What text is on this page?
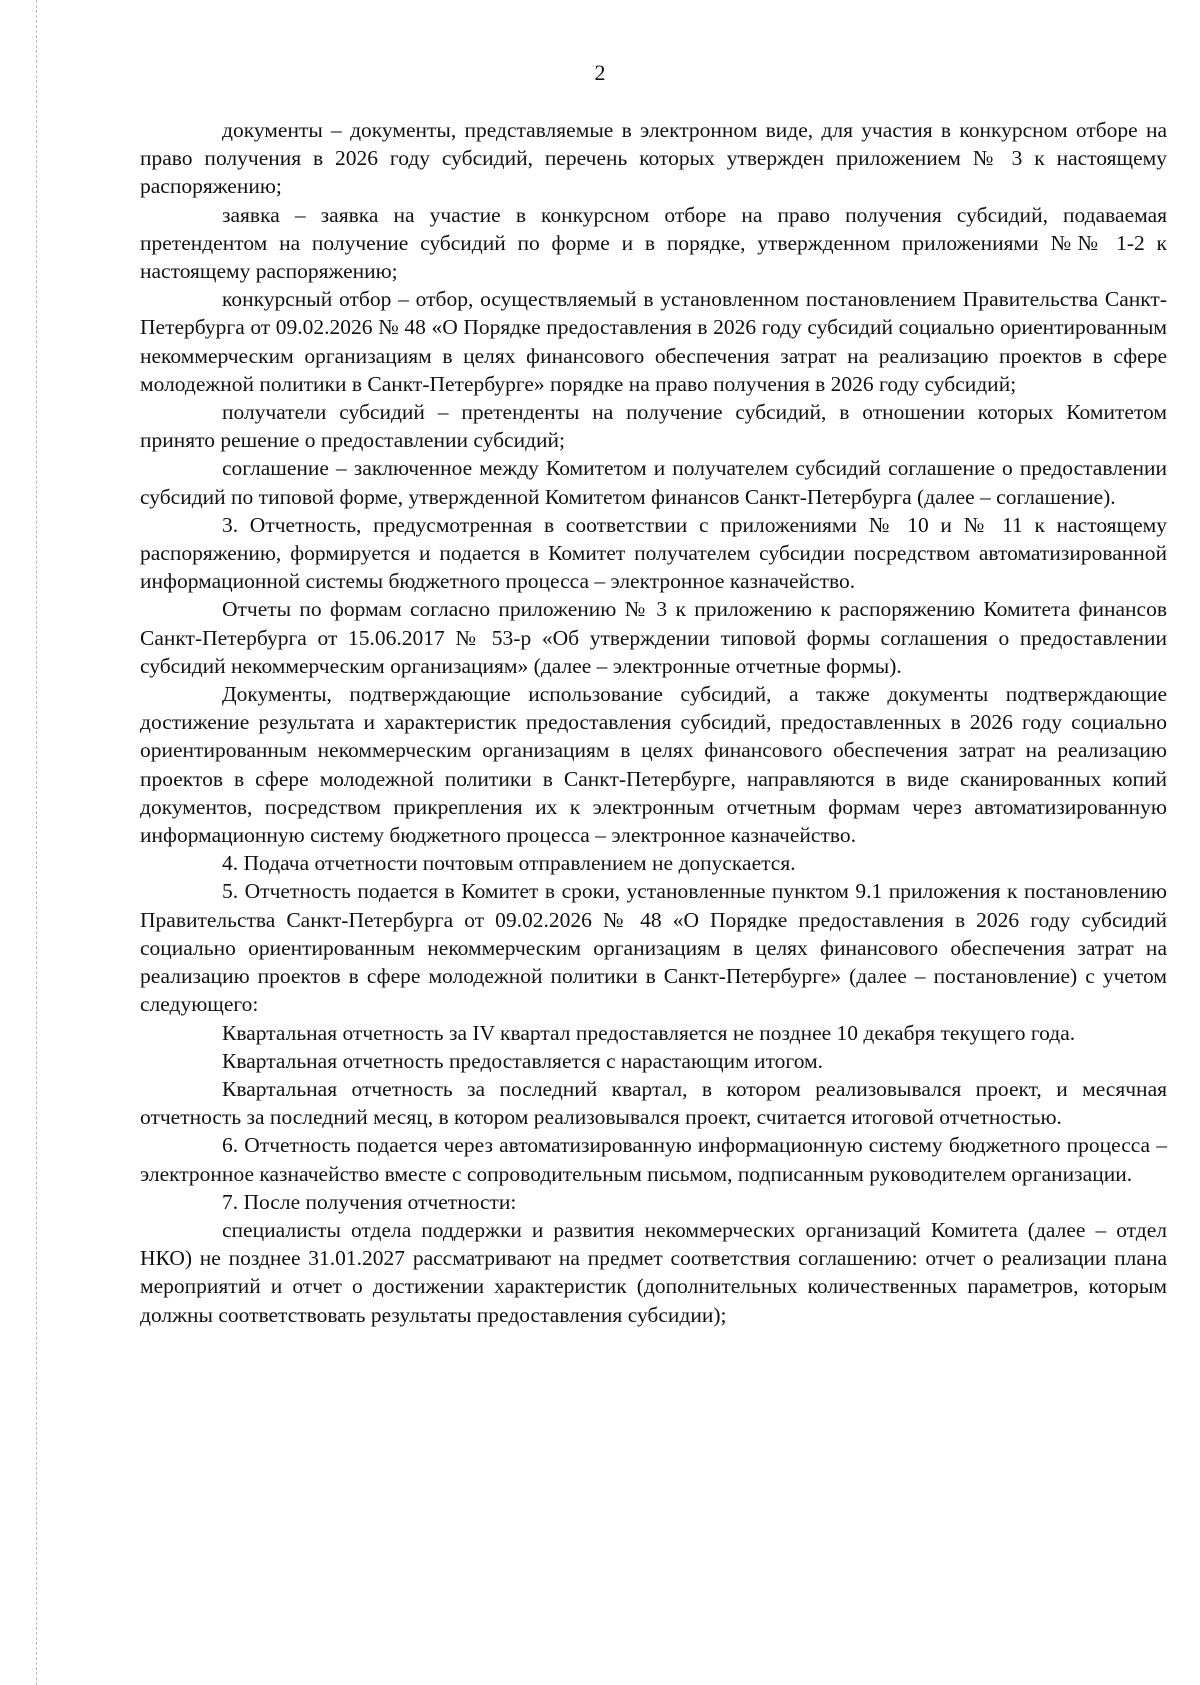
2

документы – документы, представляемые в электронном виде, для участия в конкурсном отборе на право получения в 2026 году субсидий, перечень которых утвержден приложением № 3 к настоящему распоряжению;

заявка – заявка на участие в конкурсном отборе на право получения субсидий, подаваемая претендентом на получение субсидий по форме и в порядке, утвержденном приложениями №№ 1-2 к настоящему распоряжению;

конкурсный отбор – отбор, осуществляемый в установленном постановлением Правительства Санкт-Петербурга от 09.02.2026 № 48 «О Порядке предоставления в 2026 году субсидий социально ориентированным некоммерческим организациям в целях финансового обеспечения затрат на реализацию проектов в сфере молодежной политики в Санкт-Петербурге» порядке на право получения в 2026 году субсидий;

получатели субсидий – претенденты на получение субсидий, в отношении которых Комитетом принято решение о предоставлении субсидий;

соглашение – заключенное между Комитетом и получателем субсидий соглашение о предоставлении субсидий по типовой форме, утвержденной Комитетом финансов Санкт-Петербурга (далее – соглашение).

3. Отчетность, предусмотренная в соответствии с приложениями № 10 и № 11 к настоящему распоряжению, формируется и подается в Комитет получателем субсидии посредством автоматизированной информационной системы бюджетного процесса – электронное казначейство.

Отчеты по формам согласно приложению № 3 к приложению к распоряжению Комитета финансов Санкт-Петербурга от 15.06.2017 № 53-р «Об утверждении типовой формы соглашения о предоставлении субсидий некоммерческим организациям» (далее – электронные отчетные формы).

Документы, подтверждающие использование субсидий, а также документы подтверждающие достижение результата и характеристик предоставления субсидий, предоставленных в 2026 году социально ориентированным некоммерческим организациям в целях финансового обеспечения затрат на реализацию проектов в сфере молодежной политики в Санкт-Петербурге, направляются в виде сканированных копий документов, посредством прикрепления их к электронным отчетным формам через автоматизированную информационную систему бюджетного процесса – электронное казначейство.

4. Подача отчетности почтовым отправлением не допускается.

5. Отчетность подается в Комитет в сроки, установленные пунктом 9.1 приложения к постановлению Правительства Санкт-Петербурга от 09.02.2026 № 48 «О Порядке предоставления в 2026 году субсидий социально ориентированным некоммерческим организациям в целях финансового обеспечения затрат на реализацию проектов в сфере молодежной политики в Санкт-Петербурге» (далее – постановление) с учетом следующего:

Квартальная отчетность за IV квартал предоставляется не позднее 10 декабря текущего года.

Квартальная отчетность предоставляется с нарастающим итогом.

Квартальная отчетность за последний квартал, в котором реализовывался проект, и месячная отчетность за последний месяц, в котором реализовывался проект, считается итоговой отчетностью.

6. Отчетность подается через автоматизированную информационную систему бюджетного процесса – электронное казначейство вместе с сопроводительным письмом, подписанным руководителем организации.

7. После получения отчетности:

специалисты отдела поддержки и развития некоммерческих организаций Комитета (далее – отдел НКО) не позднее 31.01.2027 рассматривают на предмет соответствия соглашению: отчет о реализации плана мероприятий и отчет о достижении характеристик (дополнительных количественных параметров, которым должны соответствовать результаты предоставления субсидии);
